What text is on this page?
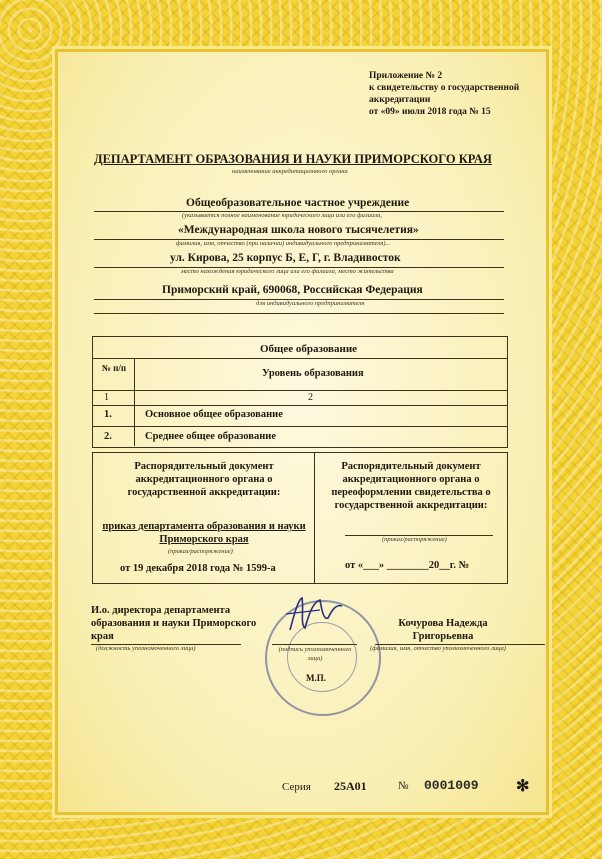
Приложение № 2
к свидетельству о государственной
аккредитации
от «09» июля 2018 года № 15
ДЕПАРТАМЕНТ ОБРАЗОВАНИЯ И НАУКИ ПРИМОРСКОГО КРАЯ
наименование аккредитационного органа
Общеобразовательное частное учреждение
(указывается полное наименование юридического лица или его филиала,
«Международная школа нового тысячелетия»
фамилия, имя, отчество (при наличии) индивидуального предпринимателя)...
ул. Кирова, 25 корпус Б, Е, Г, г. Владивосток
место нахождения юридического лица или его филиала, место жительства
Приморский край, 690068, Российская Федерация
для индивидуального предпринимателя
Общее образование
№ п/п	Уровень образования
1	2
1.	Основное общее образование
2.	Среднее общее образование
Распорядительный документ аккредитационного органа о государственной аккредитации:
приказ департамента образования и науки Приморского края
(приказ/распоряжение)
от 19 декабря 2018 года № 1599-а
Распорядительный документ аккредитационного органа о переоформлении свидетельства о государственной аккредитации:
(приказ/распоряжение)
от «___» ________20__г. №
И.о. директора департамента образования и науки Приморского края
(должность уполномоченного лица)	(подпись уполномоченного лица)
Кочурова Надежда Григорьевна
(фамилия, имя, отчество уполномоченного лица)
М.П.
Серия 25А01	№ 0001009 ✻
